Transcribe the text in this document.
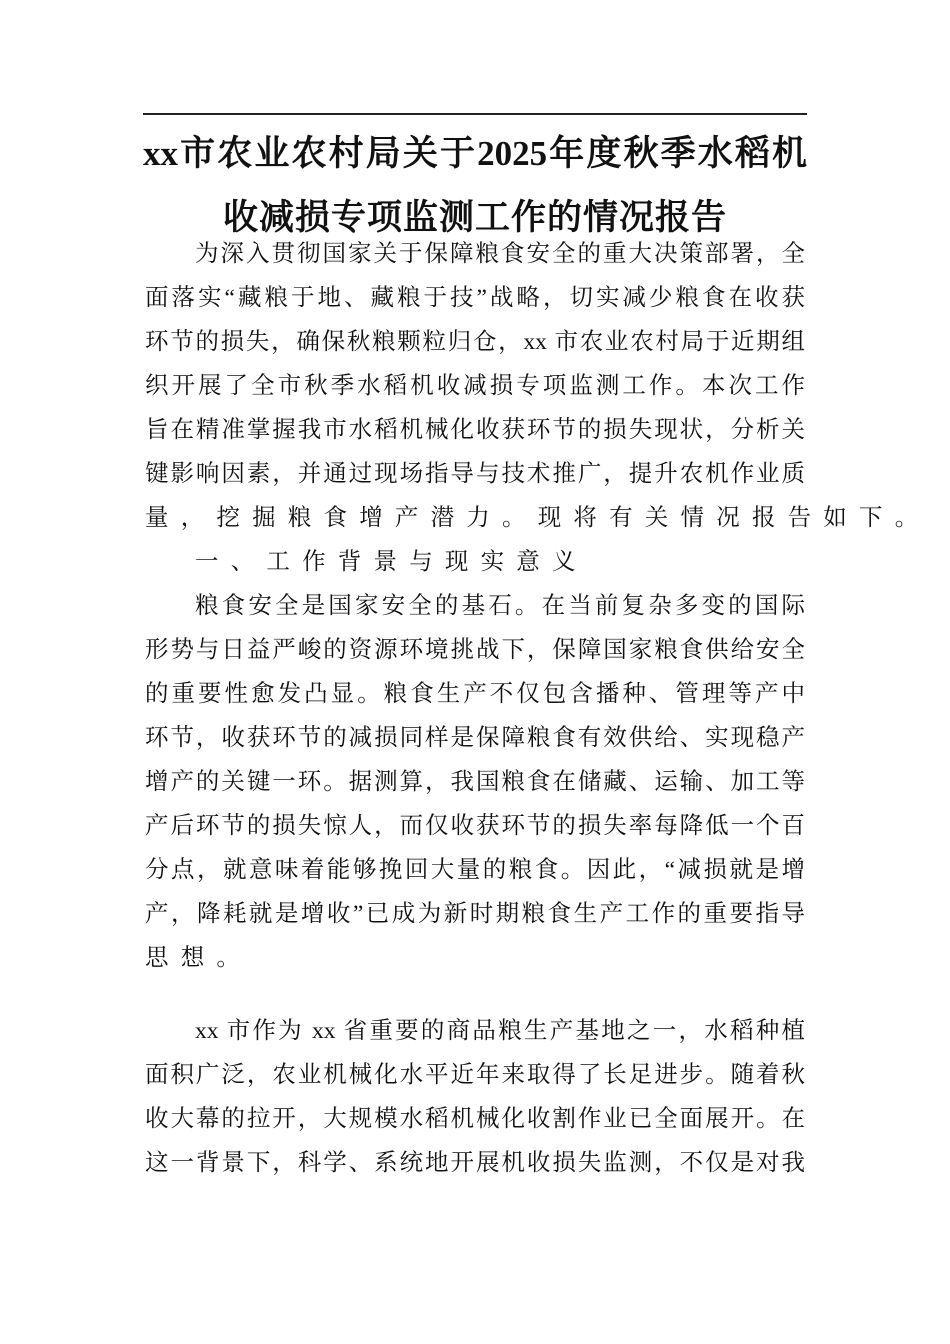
xx市农业农村局关于2025年度秋季水稻机
收减损专项监测工作的情况报告
为深入贯彻国家关于保障粮食安全的重大决策部署，全
面落实“藏粮于地、藏粮于技”战略，切实减少粮食在收获
环节的损失，确保秋粮颗粒归仓，xx 市农业农村局于近期组
织开展了全市秋季水稻机收减损专项监测工作。本次工作
旨在精准掌握我市水稻机械化收获环节的损失现状，分析关
键影响因素，并通过现场指导与技术推广，提升农机作业质
量，挖掘粮食增产潜力。现将有关情况报告如下。
一、工作背景与现实意义
粮食安全是国家安全的基石。在当前复杂多变的国际
形势与日益严峻的资源环境挑战下，保障国家粮食供给安全
的重要性愈发凸显。粮食生产不仅包含播种、管理等产中
环节，收获环节的减损同样是保障粮食有效供给、实现稳产
增产的关键一环。据测算，我国粮食在储藏、运输、加工等
产后环节的损失惊人，而仅收获环节的损失率每降低一个百
分点，就意味着能够挽回大量的粮食。因此，“减损就是增
产，降耗就是增收”已成为新时期粮食生产工作的重要指导
思想。
xx 市作为 xx 省重要的商品粮生产基地之一，水稻种植
面积广泛，农业机械化水平近年来取得了长足进步。随着秋
收大幕的拉开，大规模水稻机械化收割作业已全面展开。在
这一背景下，科学、系统地开展机收损失监测，不仅是对我
